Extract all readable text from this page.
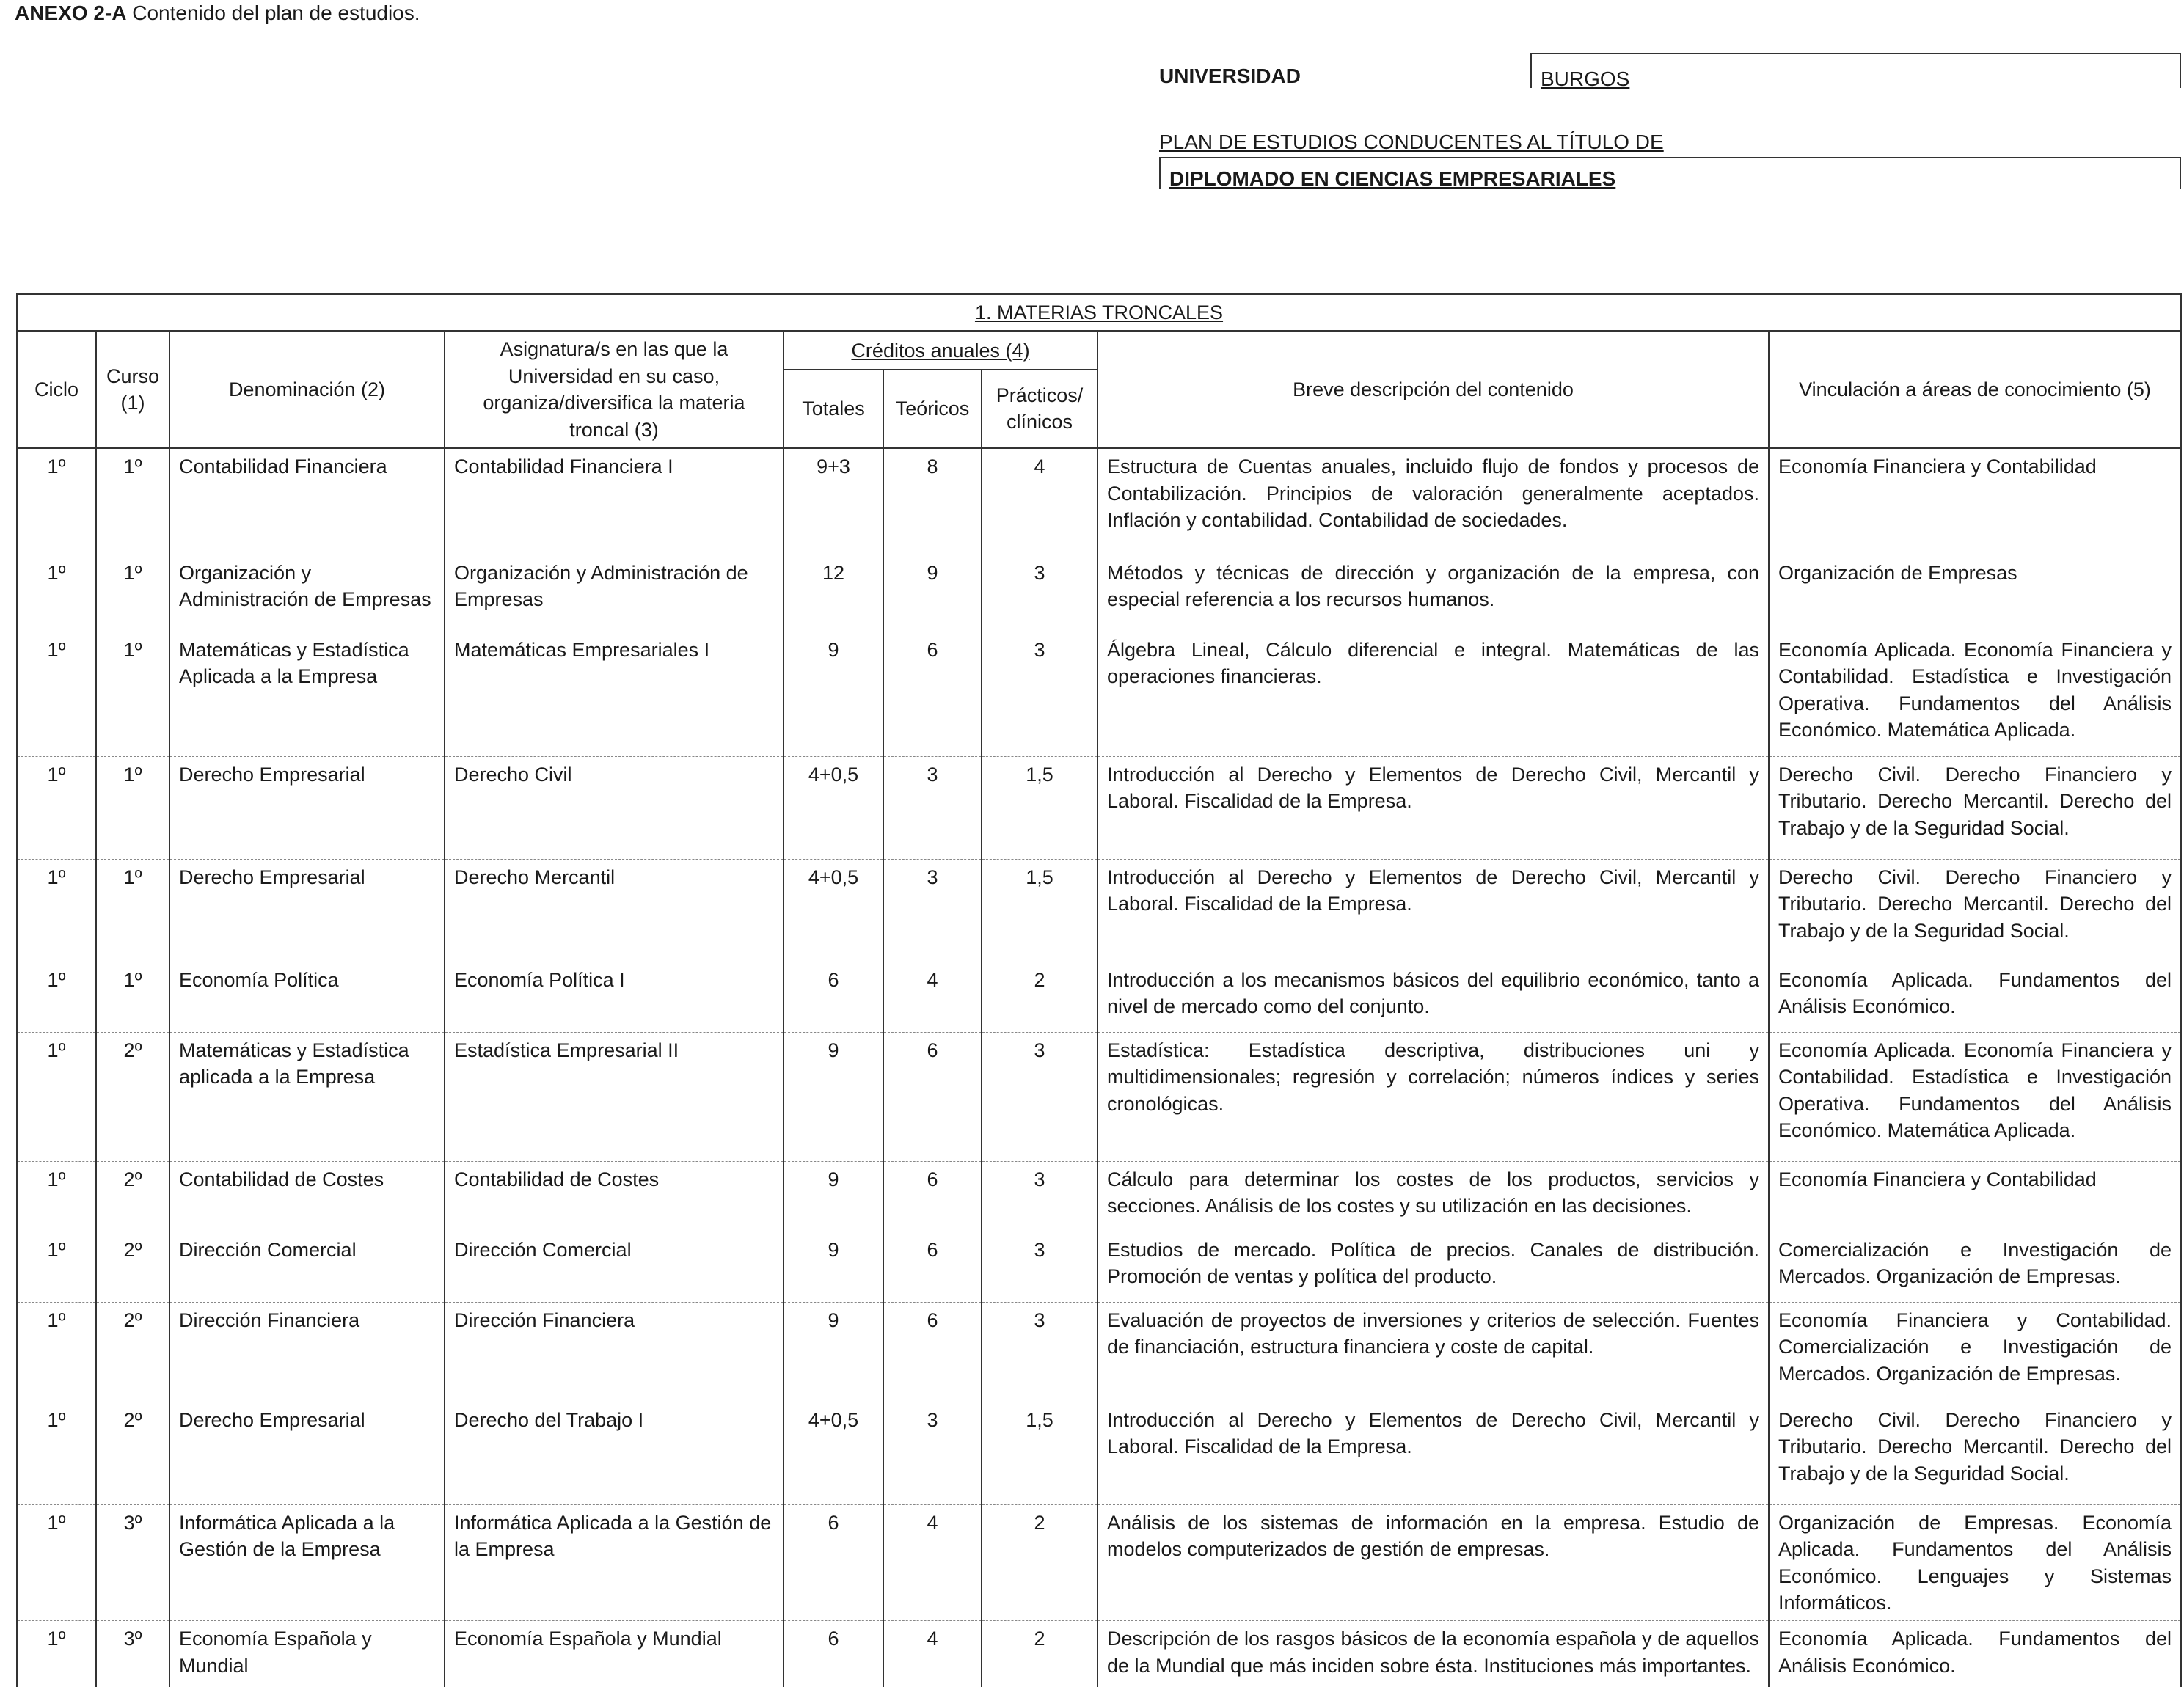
ANEXO 2-A Contenido del plan de estudios.
UNIVERSIDAD	BURGOS
PLAN DE ESTUDIOS CONDUCENTES AL TÍTULO DE
DIPLOMADO EN CIENCIAS EMPRESARIALES
1. MATERIAS TRONCALES								
Ciclo	Curso (1)	Denominación (2)	Asignatura/s en las que la Universidad en su caso, organiza/diversifica la materia troncal (3)	Créditos anuales (4)			Breve descripción del contenido	Vinculación a áreas de conocimiento (5)
				Totales	Teóricos	Prácticos/ clínicos		
1º	1º	Contabilidad Financiera	Contabilidad Financiera I	9+3	8	4	Estructura de Cuentas anuales, incluido flujo de fondos y procesos de Contabilización. Principios de valoración generalmente aceptados. Inflación y contabilidad. Contabilidad de sociedades.	Economía Financiera y Contabilidad
1º	1º	Organización y Administración de Empresas	Organización y Administración de Empresas	12	9	3	Métodos y técnicas de dirección y organización de la empresa, con especial referencia a los recursos humanos.	Organización de Empresas
1º	1º	Matemáticas y Estadística Aplicada a la Empresa	Matemáticas Empresariales I	9	6	3	Álgebra Lineal, Cálculo diferencial e integral. Matemáticas de las operaciones financieras.	Economía Aplicada. Economía Financiera y Contabilidad. Estadística e Investigación Operativa. Fundamentos del Análisis Económico. Matemática Aplicada.
1º	1º	Derecho Empresarial	Derecho Civil	4+0,5	3	1,5	Introducción al Derecho y Elementos de Derecho Civil, Mercantil y Laboral. Fiscalidad de la Empresa.	Derecho Civil. Derecho Financiero y Tributario. Derecho Mercantil. Derecho del Trabajo y de la Seguridad Social.
1º	1º	Derecho Empresarial	Derecho Mercantil	4+0,5	3	1,5	Introducción al Derecho y Elementos de Derecho Civil, Mercantil y Laboral. Fiscalidad de la Empresa.	Derecho Civil. Derecho Financiero y Tributario. Derecho Mercantil. Derecho del Trabajo y de la Seguridad Social.
1º	1º	Economía Política	Economía Política I	6	4	2	Introducción a los mecanismos básicos del equilibrio económico, tanto a nivel de mercado como del conjunto.	Economía Aplicada. Fundamentos del Análisis Económico.
1º	2º	Matemáticas y Estadística aplicada a la Empresa	Estadística Empresarial II	9	6	3	Estadística: Estadística descriptiva, distribuciones uni y multidimensionales; regresión y correlación; números índices y series cronológicas.	Economía Aplicada. Economía Financiera y Contabilidad. Estadística e Investigación Operativa. Fundamentos del Análisis Económico. Matemática Aplicada.
1º	2º	Contabilidad de Costes	Contabilidad de Costes	9	6	3	Cálculo para determinar los costes de los productos, servicios y secciones. Análisis de los costes y su utilización en las decisiones.	Economía Financiera y Contabilidad
1º	2º	Dirección Comercial	Dirección Comercial	9	6	3	Estudios de mercado. Política de precios. Canales de distribución. Promoción de ventas y política del producto.	Comercialización e Investigación de Mercados. Organización de Empresas.
1º	2º	Dirección Financiera	Dirección Financiera	9	6	3	Evaluación de proyectos de inversiones y criterios de selección. Fuentes de financiación, estructura financiera y coste de capital.	Economía Financiera y Contabilidad. Comercialización e Investigación de Mercados. Organización de Empresas.
1º	2º	Derecho Empresarial	Derecho del Trabajo I	4+0,5	3	1,5	Introducción al Derecho y Elementos de Derecho Civil, Mercantil y Laboral. Fiscalidad de la Empresa.	Derecho Civil. Derecho Financiero y Tributario. Derecho Mercantil. Derecho del Trabajo y de la Seguridad Social.
1º	3º	Informática Aplicada a la Gestión de la Empresa	Informática Aplicada a la Gestión de la Empresa	6	4	2	Análisis de los sistemas de información en la empresa. Estudio de modelos computerizados de gestión de empresas.	Organización de Empresas. Economía Aplicada. Fundamentos del Análisis Económico. Lenguajes y Sistemas Informáticos.
1º	3º	Economía Española y Mundial	Economía Española y Mundial	6	4	2	Descripción de los rasgos básicos de la economía española y de aquellos de la Mundial que más inciden sobre ésta. Instituciones más importantes.	Economía Aplicada. Fundamentos del Análisis Económico.
